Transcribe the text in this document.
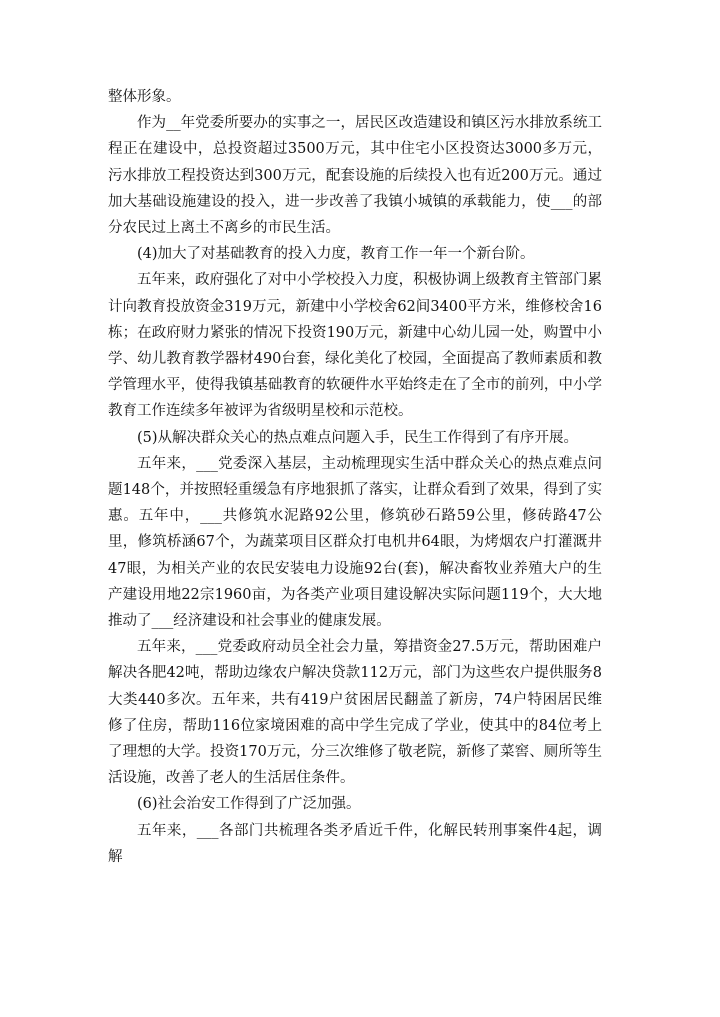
整体形象。

作为__年党委所要办的实事之一，居民区改造建设和镇区污水排放系统工程正在建设中，总投资超过3500万元，其中住宅小区投资达3000多万元，污水排放工程投资达到300万元，配套设施的后续投入也有近200万元。通过加大基础设施建设的投入，进一步改善了我镇小城镇的承载能力，使___的部分农民过上离土不离乡的市民生活。

(4)加大了对基础教育的投入力度，教育工作一年一个新台阶。

五年来，政府强化了对中小学校投入力度，积极协调上级教育主管部门累计向教育投放资金319万元，新建中小学校舍62间3400平方米，维修校舍16栋；在政府财力紧张的情况下投资190万元，新建中心幼儿园一处，购置中小学、幼儿教育教学器材490台套，绿化美化了校园，全面提高了教师素质和教学管理水平，使得我镇基础教育的软硬件水平始终走在了全市的前列，中小学教育工作连续多年被评为省级明星校和示范校。

(5)从解决群众关心的热点难点问题入手，民生工作得到了有序开展。

五年来，___党委深入基层，主动梳理现实生活中群众关心的热点难点问题148个，并按照轻重缓急有序地狠抓了落实，让群众看到了效果，得到了实惠。五年中，___共修筑水泥路92公里，修筑砂石路59公里，修砖路47公里，修筑桥涵67个，为蔬菜项目区群众打电机井64眼，为烤烟农户打灌溉井47眼，为相关产业的农民安装电力设施92台(套)，解决畜牧业养殖大户的生产建设用地22宗1960亩，为各类产业项目建设解决实际问题119个，大大地推动了___经济建设和社会事业的健康发展。

五年来，___党委政府动员全社会力量，筹措资金27.5万元，帮助困难户解决各肥42吨，帮助边缘农户解决贷款112万元，部门为这些农户提供服务8大类440多次。五年来，共有419户贫困居民翻盖了新房，74户特困居民维修了住房，帮助116位家境困难的高中学生完成了学业，使其中的84位考上了理想的大学。投资170万元，分三次维修了敬老院，新修了菜窖、厕所等生活设施，改善了老人的生活居住条件。

(6)社会治安工作得到了广泛加强。

五年来，___各部门共梳理各类矛盾近千件，化解民转刑事案件4起，调解
